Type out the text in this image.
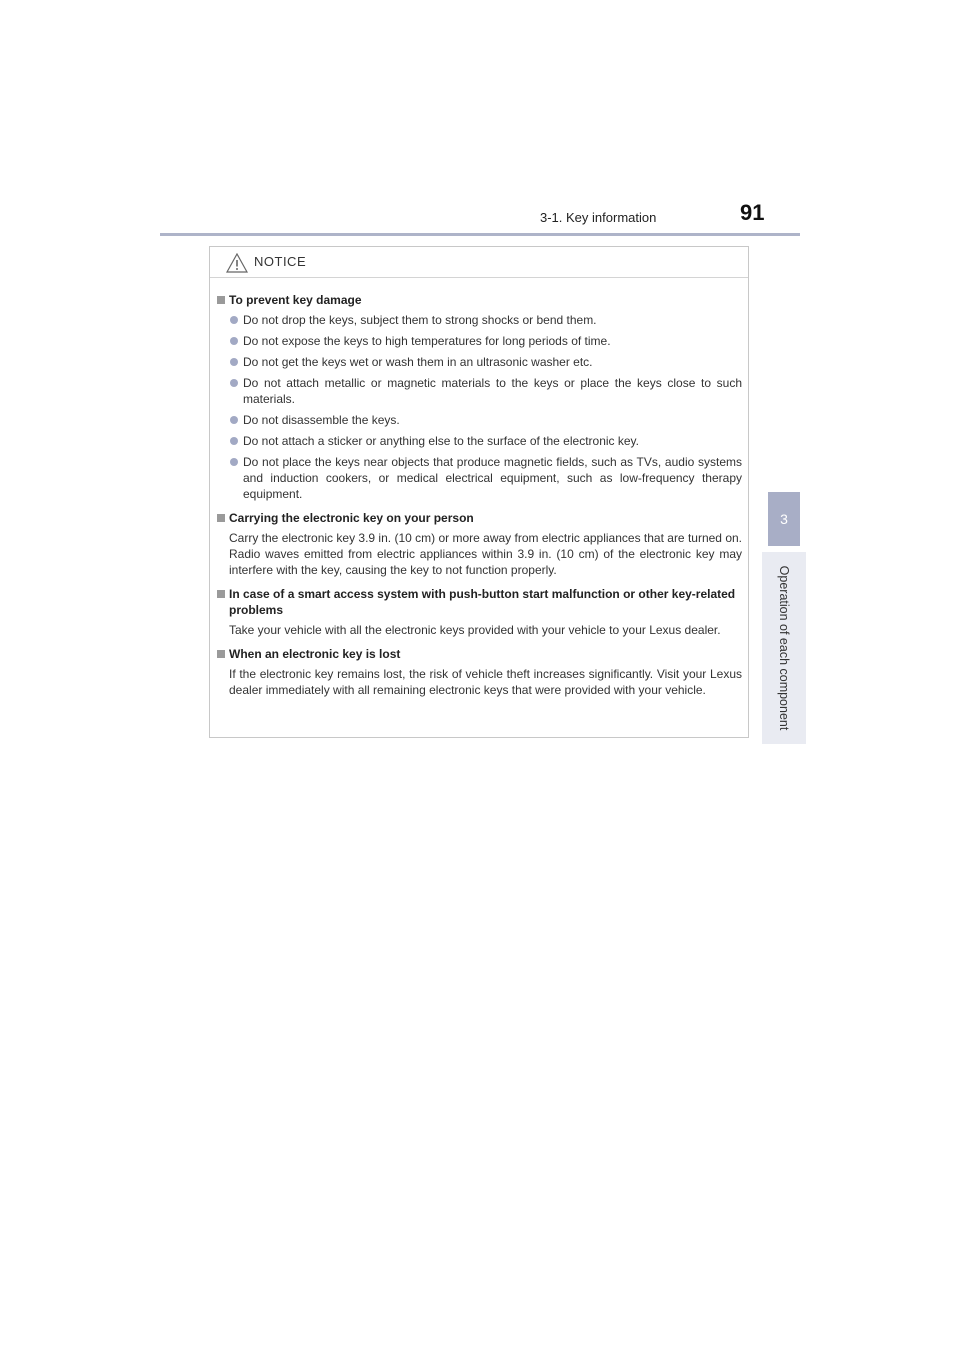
3-1. Key information	91
3
Operation of each component
NOTICE
To prevent key damage
Do not drop the keys, subject them to strong shocks or bend them.
Do not expose the keys to high temperatures for long periods of time.
Do not get the keys wet or wash them in an ultrasonic washer etc.
Do not attach metallic or magnetic materials to the keys or place the keys close to such materials.
Do not disassemble the keys.
Do not attach a sticker or anything else to the surface of the electronic key.
Do not place the keys near objects that produce magnetic fields, such as TVs, audio systems and induction cookers, or medical electrical equipment, such as low-frequency therapy equipment.
Carrying the electronic key on your person
Carry the electronic key 3.9 in. (10 cm) or more away from electric appliances that are turned on. Radio waves emitted from electric appliances within 3.9 in. (10 cm) of the electronic key may interfere with the key, causing the key to not function properly.
In case of a smart access system with push-button start malfunction or other key-related problems
Take your vehicle with all the electronic keys provided with your vehicle to your Lexus dealer.
When an electronic key is lost
If the electronic key remains lost, the risk of vehicle theft increases significantly. Visit your Lexus dealer immediately with all remaining electronic keys that were provided with your vehicle.
